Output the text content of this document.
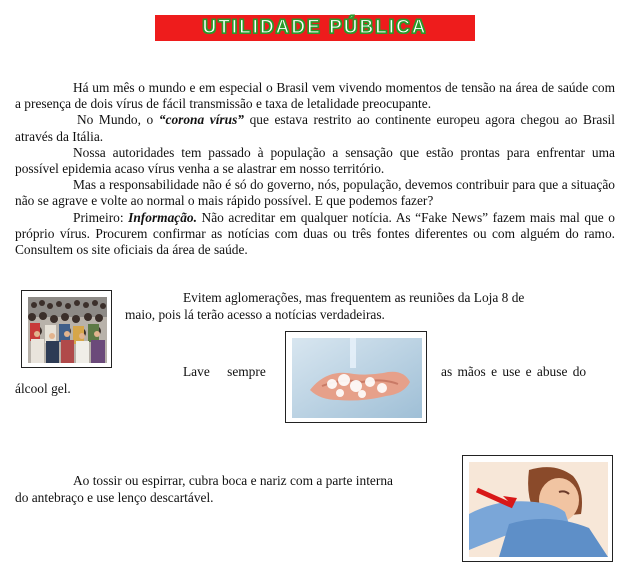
UTILIDADE PÚBLICA

Há um mês o mundo e em especial o Brasil vem vivendo momentos de tensão na área de saúde com a presença de dois vírus de fácil transmissão e taxa de letalidade preocupante.

No Mundo, o “corona vírus” que estava restrito ao continente europeu agora chegou ao Brasil através da Itália.

Nossa autoridades tem passado à população a sensação que estão prontas para enfrentar uma possível epidemia acaso vírus venha a se alastrar em nosso território.

Mas a responsabilidade não é só do governo, nós, população, devemos contribuir para que a situação não se agrave e volte ao normal o mais rápido possível. E que podemos fazer?

Primeiro: Informação. Não acreditar em qualquer notícia. As “Fake News” fazem mais mal que o próprio vírus. Procurem confirmar as notícias com duas ou três fontes diferentes ou com alguém do ramo. Consultem os site oficiais da área de saúde.

Evitem aglomerações, mas frequentem as reuniões da Loja 8 de
maio, pois lá terão acesso a notícias verdadeiras.
Lave sempre	as mãos e use e abuse do
álcool gel.
Ao tossir ou espirrar, cubra boca e nariz com a parte interna
do antebraço e use lenço descartável.
